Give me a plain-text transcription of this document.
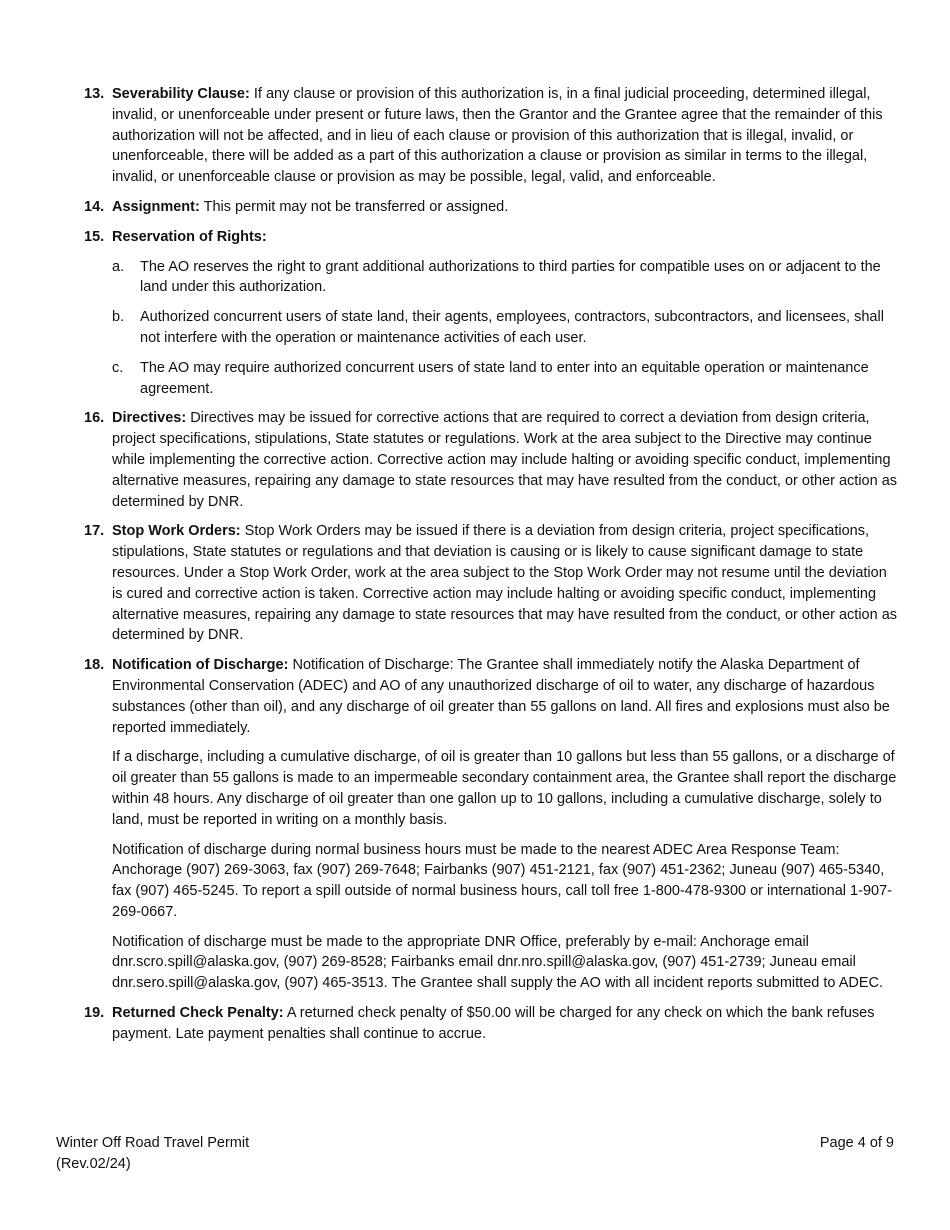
13. Severability Clause: If any clause or provision of this authorization is, in a final judicial proceeding, determined illegal, invalid, or unenforceable under present or future laws, then the Grantor and the Grantee agree that the remainder of this authorization will not be affected, and in lieu of each clause or provision of this authorization that is illegal, invalid, or unenforceable, there will be added as a part of this authorization a clause or provision as similar in terms to the illegal, invalid, or unenforceable clause or provision as may be possible, legal, valid, and enforceable.

14. Assignment: This permit may not be transferred or assigned.

15. Reservation of Rights:

a. The AO reserves the right to grant additional authorizations to third parties for compatible uses on or adjacent to the land under this authorization.
b. Authorized concurrent users of state land, their agents, employees, contractors, subcontractors, and licensees, shall not interfere with the operation or maintenance activities of each user.
c. The AO may require authorized concurrent users of state land to enter into an equitable operation or maintenance agreement.
16. Directives: Directives may be issued for corrective actions that are required to correct a deviation from design criteria, project specifications, stipulations, State statutes or regulations. Work at the area subject to the Directive may continue while implementing the corrective action. Corrective action may include halting or avoiding specific conduct, implementing alternative measures, repairing any damage to state resources that may have resulted from the conduct, or other action as determined by DNR.

17. Stop Work Orders: Stop Work Orders may be issued if there is a deviation from design criteria, project specifications, stipulations, State statutes or regulations and that deviation is causing or is likely to cause significant damage to state resources. Under a Stop Work Order, work at the area subject to the Stop Work Order may not resume until the deviation is cured and corrective action is taken. Corrective action may include halting or avoiding specific conduct, implementing alternative measures, repairing any damage to state resources that may have resulted from the conduct, or other action as determined by DNR.

18. Notification of Discharge: Notification of Discharge: The Grantee shall immediately notify the Alaska Department of Environmental Conservation (ADEC) and AO of any unauthorized discharge of oil to water, any discharge of hazardous substances (other than oil), and any discharge of oil greater than 55 gallons on land. All fires and explosions must also be reported immediately.

If a discharge, including a cumulative discharge, of oil is greater than 10 gallons but less than 55 gallons, or a discharge of oil greater than 55 gallons is made to an impermeable secondary containment area, the Grantee shall report the discharge within 48 hours. Any discharge of oil greater than one gallon up to 10 gallons, including a cumulative discharge, solely to land, must be reported in writing on a monthly basis.

Notification of discharge during normal business hours must be made to the nearest ADEC Area Response Team: Anchorage (907) 269-3063, fax (907) 269-7648; Fairbanks (907) 451-2121, fax (907) 451-2362; Juneau (907) 465-5340, fax (907) 465-5245. To report a spill outside of normal business hours, call toll free 1-800-478-9300 or international 1-907-269-0667.

Notification of discharge must be made to the appropriate DNR Office, preferably by e-mail: Anchorage email dnr.scro.spill@alaska.gov, (907) 269-8528; Fairbanks email dnr.nro.spill@alaska.gov, (907) 451-2739; Juneau email dnr.sero.spill@alaska.gov, (907) 465-3513. The Grantee shall supply the AO with all incident reports submitted to ADEC.

19. Returned Check Penalty: A returned check penalty of $50.00 will be charged for any check on which the bank refuses payment. Late payment penalties shall continue to accrue.

Winter Off Road Travel Permit
(Rev.02/24)
Page 4 of 9
